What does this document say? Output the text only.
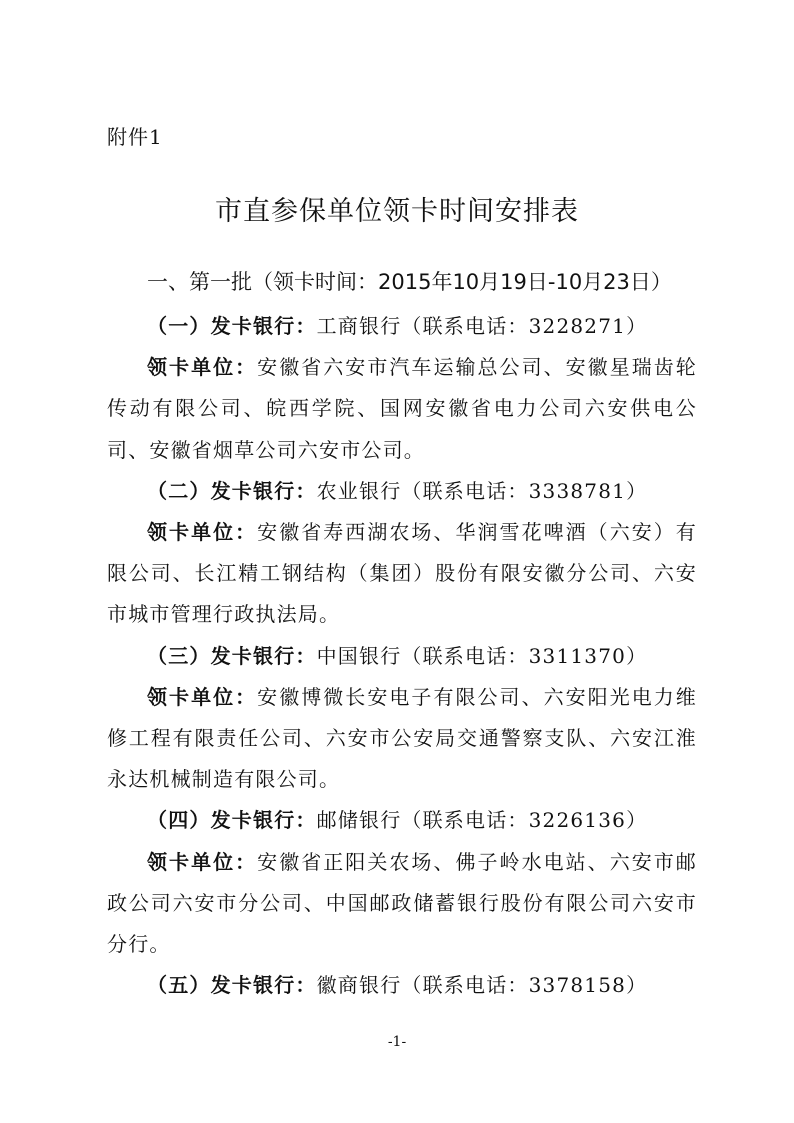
附件1
市直参保单位领卡时间安排表
一、第一批（领卡时间：2015年10月19日-10月23日）

（一）发卡银行：工商银行（联系电话：3228271）

领卡单位：安徽省六安市汽车运输总公司、安徽星瑞齿轮传动有限公司、皖西学院、国网安徽省电力公司六安供电公司、安徽省烟草公司六安市公司。

（二）发卡银行：农业银行（联系电话：3338781）

领卡单位：安徽省寿西湖农场、华润雪花啤酒（六安）有限公司、长江精工钢结构（集团）股份有限安徽分公司、六安市城市管理行政执法局。

（三）发卡银行：中国银行（联系电话：3311370）

领卡单位：安徽博微长安电子有限公司、六安阳光电力维修工程有限责任公司、六安市公安局交通警察支队、六安江淮永达机械制造有限公司。

（四）发卡银行：邮储银行（联系电话：3226136）

领卡单位：安徽省正阳关农场、佛子岭水电站、六安市邮政公司六安市分公司、中国邮政储蓄银行股份有限公司六安市分行。

（五）发卡银行：徽商银行（联系电话：3378158）

-1-
